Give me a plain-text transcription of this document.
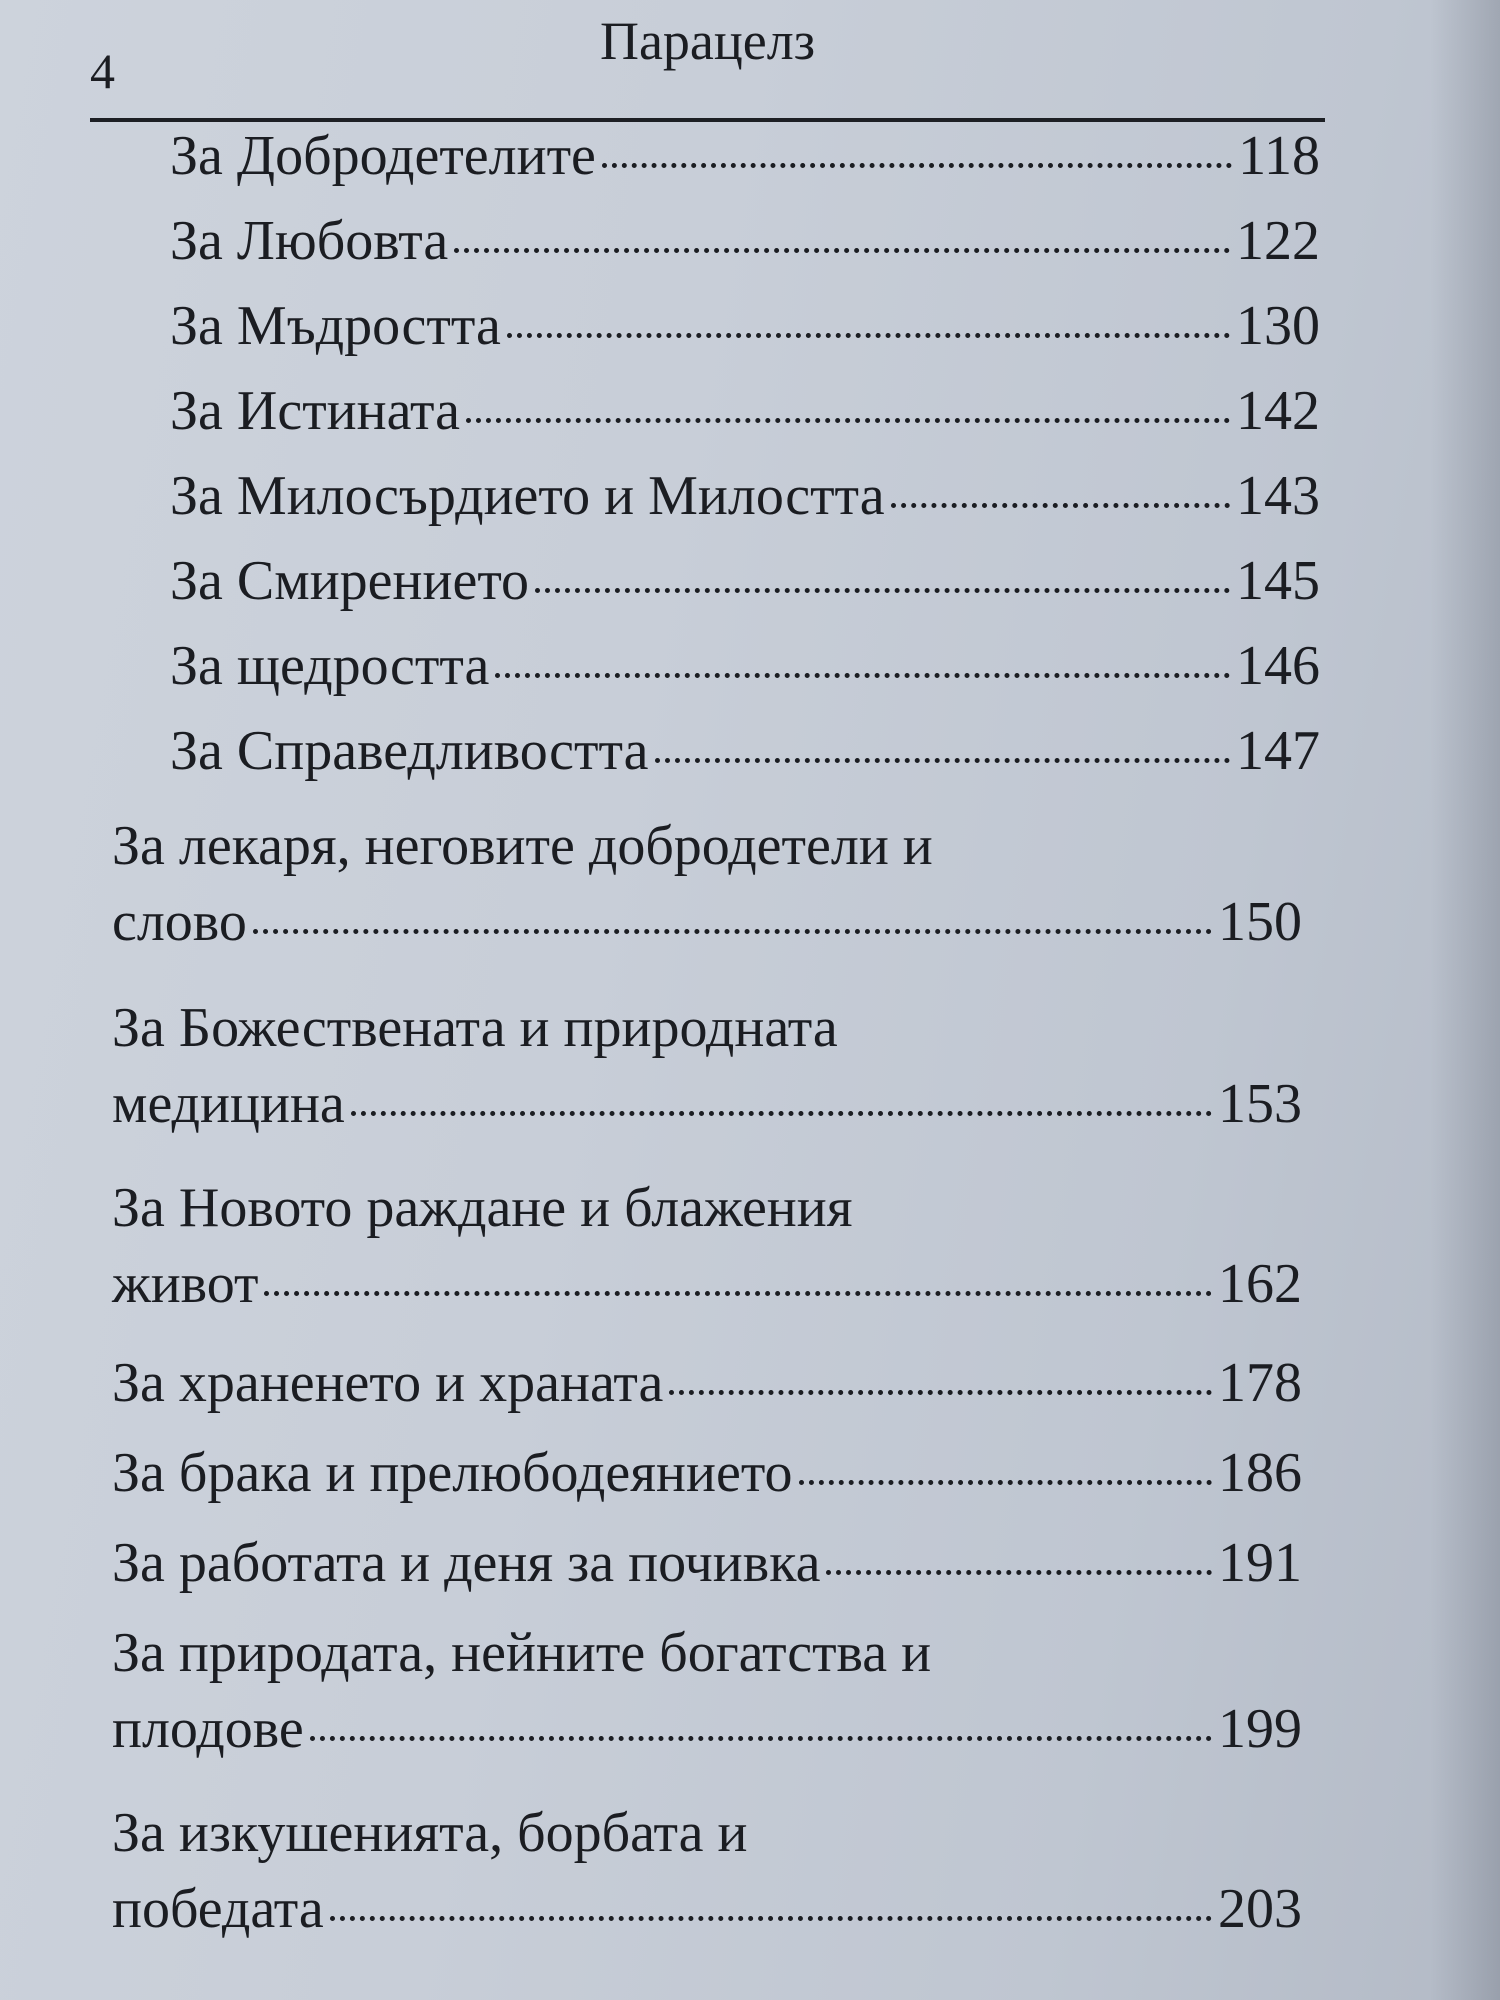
4	Парацелз
За Добродетелите	118
За Любовта	122
За Мъдростта	130
За Истината	142
За Милосърдието и Милостта	143
За Смирението	145
За щедростта	146
За Справедливостта	147
За лекаря, неговите добродетели и
слово	150
За Божествената и природната
медицина	153
За Новото раждане и блажения
живот	162
За храненето и храната	178
За брака и прелюбодеянието	186
За работата и деня за почивка	191
За природата, нейните богатства и
плодове	199
За изкушенията, борбата и
победата	203
